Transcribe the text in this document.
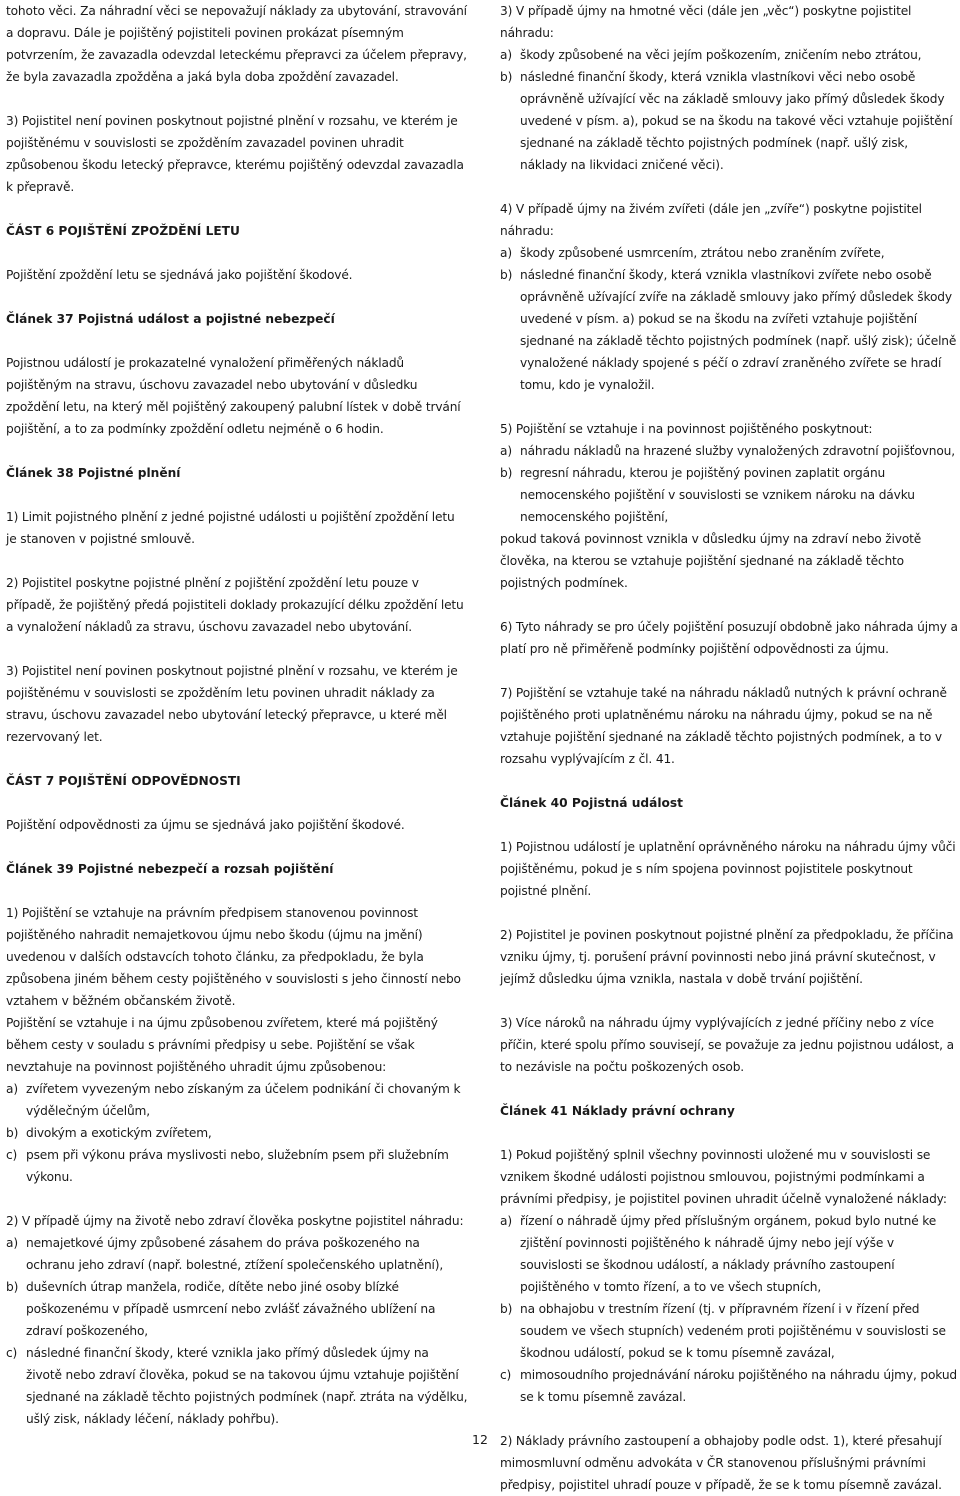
tohoto věci. Za náhradní věci se nepovažují náklady za ubytování, stravování a dopravu. Dále je pojištěný pojistiteli povinen prokázat písemným potvrzením, že zavazadla odevzdal leteckému přepravci za účelem přepravy, že byla zavazadla zpožděna a jaká byla doba zpoždění zavazadel.

3) Pojistitel není povinen poskytnout pojistné plnění v rozsahu, ve kterém je pojištěnému v souvislosti se zpožděním zavazadel povinen uhradit způsobenou škodu letecký přepravce, kterému pojištěný odevzdal zavazadla k přepravě.

ČÁST 6 POJIŠTĚNÍ ZPOŽDĚNÍ LETU

Pojištění zpoždění letu se sjednává jako pojištění škodové.

Článek 37 Pojistná událost a pojistné nebezpečí

Pojistnou událostí je prokazatelné vynaložení přiměřených nákladů pojištěným na stravu, úschovu zavazadel nebo ubytování v důsledku zpoždění letu, na který měl pojištěný zakoupený palubní lístek v době trvání pojištění, a to za podmínky zpoždění odletu nejméně o 6 hodin.

Článek 38 Pojistné plnění

1) Limit pojistného plnění z jedné pojistné události u pojištění zpoždění letu je stanoven v pojistné smlouvě.

2) Pojistitel poskytne pojistné plnění z pojištění zpoždění letu pouze v případě, že pojištěný předá pojistiteli doklady prokazující délku zpoždění letu a vynaložení nákladů za stravu, úschovu zavazadel nebo ubytování.

3) Pojistitel není povinen poskytnout pojistné plnění v rozsahu, ve kterém je pojištěnému v souvislosti se zpožděním letu povinen uhradit náklady za stravu, úschovu zavazadel nebo ubytování letecký přepravce, u které měl rezervovaný let.

ČÁST 7 POJIŠTĚNÍ ODPOVĚDNOSTI

Pojištění odpovědnosti za újmu se sjednává jako pojištění škodové.

Článek 39 Pojistné nebezpečí a rozsah pojištění

1) Pojištění se vztahuje na právním předpisem stanovenou povinnost pojištěného nahradit nemajetkovou újmu nebo škodu (újmu na jmění) uvedenou v dalších odstavcích tohoto článku, za předpokladu, že byla způsobena jiném během cesty pojištěného v souvislosti s jeho činností nebo vztahem v běžném občanském životě.

Pojištění se vztahuje i na újmu způsobenou zvířetem, které má pojištěný během cesty v souladu s právními předpisy u sebe. Pojištění se však nevztahuje na povinnost pojištěného uhradit újmu způsobenou:

a) zvířetem vyvezeným nebo získaným za účelem podnikání či chovaným k výdělečným účelům,
b) divokým a exotickým zvířetem,
c) psem při výkonu práva myslivosti nebo, služebním psem při služebním výkonu.

2) V případě újmy na životě nebo zdraví člověka poskytne pojistitel náhradu:

a) nemajetkové újmy způsobené zásahem do práva poškozeného na ochranu jeho zdraví (např. bolestné, ztížení společenského uplatnění),
b) duševních útrap manžela, rodiče, dítěte nebo jiné osoby blízké poškozenému v případě usmrcení nebo zvlášť závažného ublížení na zdraví poškozeného,
c) následné finanční škody, které vznikla jako přímý důsledek újmy na životě nebo zdraví člověka, pokud se na takovou újmu vztahuje pojištění sjednané na základě těchto pojistných podmínek (např. ztráta na výdělku, ušlý zisk, náklady léčení, náklady pohřbu).

3) V případě újmy na hmotné věci (dále jen „věc“) poskytne pojistitel náhradu:

a) škody způsobené na věci jejím poškozením, zničením nebo ztrátou,
b) následné finanční škody, která vznikla vlastníkovi věci nebo osobě oprávněně užívající věc na základě smlouvy jako přímý důsledek škody uvedené v písm. a), pokud se na škodu na takové věci vztahuje pojištění sjednané na základě těchto pojistných podmínek (např. ušlý zisk, náklady na likvidaci zničené věci).

4) V případě újmy na živém zvířeti (dále jen „zvíře“) poskytne pojistitel náhradu:

a) škody způsobené usmrcením, ztrátou nebo zraněním zvířete,
b) následné finanční škody, která vznikla vlastníkovi zvířete nebo osobě oprávněně užívající zvíře na základě smlouvy jako přímý důsledek škody uvedené v písm. a) pokud se na škodu na zvířeti vztahuje pojištění sjednané na základě těchto pojistných podmínek (např. ušlý zisk); účelně vynaložené náklady spojené s péčí o zdraví zraněného zvířete se hradí tomu, kdo je vynaložil.

5) Pojištění se vztahuje i na povinnost pojištěného poskytnout:

a) náhradu nákladů na hrazené služby vynaložených zdravotní pojišťovnou,
b) regresní náhradu, kterou je pojištěný povinen zaplatit orgánu nemocenského pojištění v souvislosti se vznikem nároku na dávku nemocenského pojištění,

pokud taková povinnost vznikla v důsledku újmy na zdraví nebo životě člověka, na kterou se vztahuje pojištění sjednané na základě těchto pojistných podmínek.

6) Tyto náhrady se pro účely pojištění posuzují obdobně jako náhrada újmy a platí pro ně přiměřeně podmínky pojištění odpovědnosti za újmu.

7) Pojištění se vztahuje také na náhradu nákladů nutných k právní ochraně pojištěného proti uplatněnému nároku na náhradu újmy, pokud se na ně vztahuje pojištění sjednané na základě těchto pojistných podmínek, a to v rozsahu vyplývajícím z čl. 41.

Článek 40 Pojistná událost

1) Pojistnou událostí je uplatnění oprávněného nároku na náhradu újmy vůči pojištěnému, pokud je s ním spojena povinnost pojistitele poskytnout pojistné plnění.

2) Pojistitel je povinen poskytnout pojistné plnění za předpokladu, že příčina vzniku újmy, tj. porušení právní povinnosti nebo jiná právní skutečnost, v jejímž důsledku újma vznikla, nastala v době trvání pojištění.

3) Více nároků na náhradu újmy vyplývajících z jedné příčiny nebo z více příčin, které spolu přímo souvisejí, se považuje za jednu pojistnou událost, a to nezávisle na počtu poškozených osob.

Článek 41 Náklady právní ochrany

1) Pokud pojištěný splnil všechny povinnosti uložené mu v souvislosti se vznikem škodné události pojistnou smlouvou, pojistnými podmínkami a právními předpisy, je pojistitel povinen uhradit účelně vynaložené náklady:

a) řízení o náhradě újmy před příslušným orgánem, pokud bylo nutné ke zjištění povinnosti pojištěného k náhradě újmy nebo její výše v souvislosti se škodnou událostí, a náklady právního zastoupení pojištěného v tomto řízení, a to ve všech stupních,
b) na obhajobu v trestním řízení (tj. v přípravném řízení i v řízení před soudem ve všech stupních) vedeném proti pojištěnému v souvislosti se škodnou událostí, pokud se k tomu písemně zavázal,
c) mimosoudního projednávání nároku pojištěného na náhradu újmy, pokud se k tomu písemně zavázal.

2) Náklady právního zastoupení a obhajoby podle odst. 1), které přesahují mimosmluvní odměnu advokáta v ČR stanovenou příslušnými právními předpisy, pojistitel uhradí pouze v případě, že se k tomu písemně zavázal.

12
